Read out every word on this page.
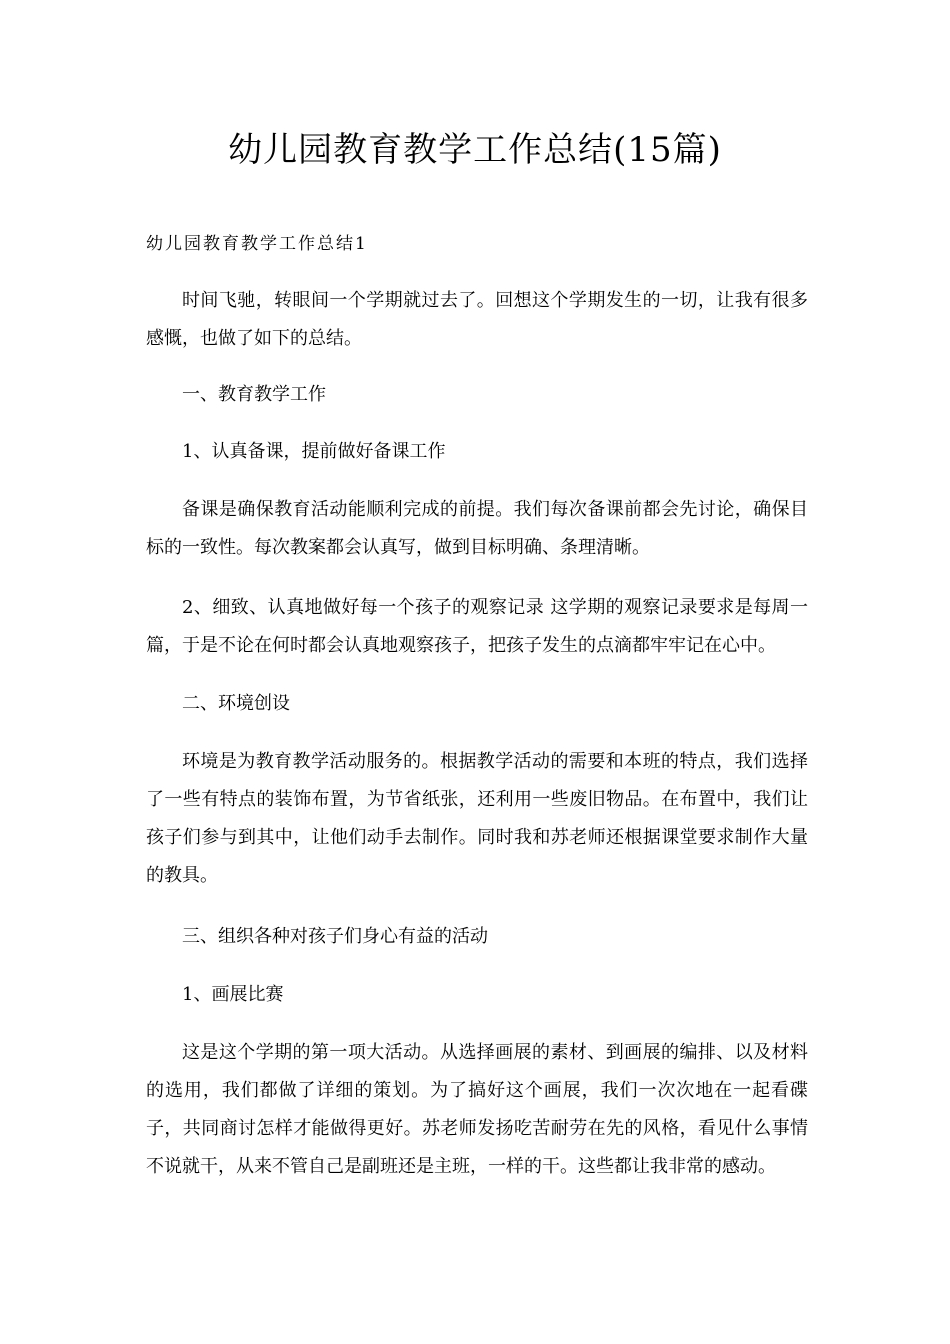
幼儿园教育教学工作总结(15篇)
幼儿园教育教学工作总结1

时间飞驰，转眼间一个学期就过去了。回想这个学期发生的一切，让我有很多感慨，也做了如下的总结。

一、教育教学工作

1、认真备课，提前做好备课工作

备课是确保教育活动能顺利完成的前提。我们每次备课前都会先讨论，确保目标的一致性。每次教案都会认真写，做到目标明确、条理清晰。

2、细致、认真地做好每一个孩子的观察记录 这学期的观察记录要求是每周一篇，于是不论在何时都会认真地观察孩子，把孩子发生的点滴都牢牢记在心中。

二、环境创设

环境是为教育教学活动服务的。根据教学活动的需要和本班的特点，我们选择了一些有特点的装饰布置，为节省纸张，还利用一些废旧物品。在布置中，我们让孩子们参与到其中，让他们动手去制作。同时我和苏老师还根据课堂要求制作大量的教具。

三、组织各种对孩子们身心有益的活动

1、画展比赛

这是这个学期的第一项大活动。从选择画展的素材、到画展的编排、以及材料的选用，我们都做了详细的策划。为了搞好这个画展，我们一次次地在一起看碟子，共同商讨怎样才能做得更好。苏老师发扬吃苦耐劳在先的风格，看见什么事情不说就干，从来不管自己是副班还是主班，一样的干。这些都让我非常的感动。
